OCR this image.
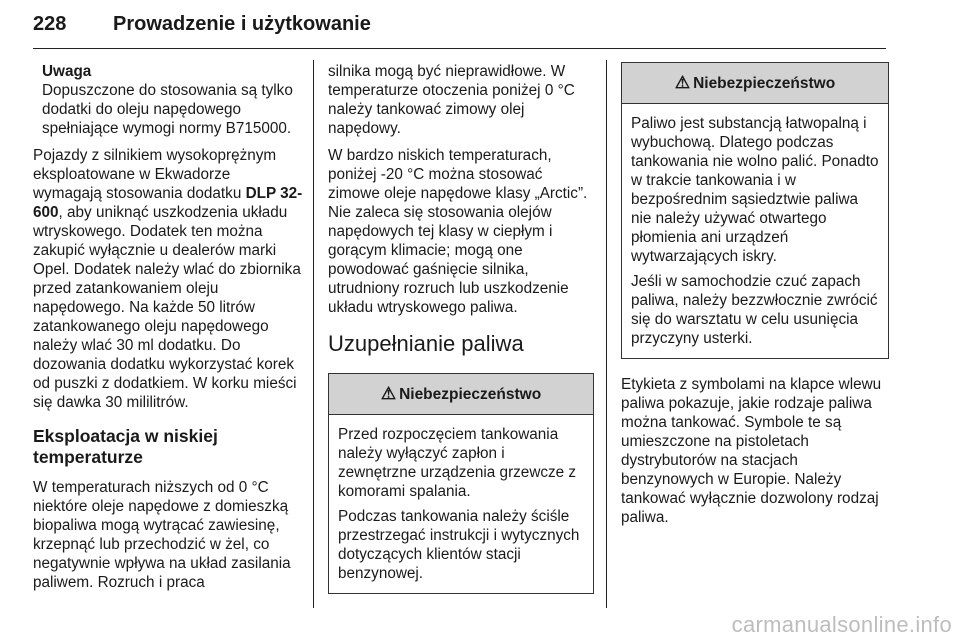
228 Prowadzenie i użytkowanie
Uwaga
Dopuszczone do stosowania są tylko dodatki do oleju napędowego spełniające wymogi normy B715000.

Pojazdy z silnikiem wysokoprężnym eksploatowane w Ekwadorze wymagają stosowania dodatku DLP 32-600, aby uniknąć uszkodzenia układu wtryskowego. Dodatek ten można zakupić wyłącznie u dealerów marki Opel. Dodatek należy wlać do zbiornika przed zatankowaniem oleju napędowego. Na każde 50 litrów zatankowanego oleju napędowego należy wlać 30 ml dodatku. Do dozowania dodatku wykorzystać korek od puszki z dodatkiem. W korku mieści się dawka 30 mililitrów.

Eksploatacja w niskiej temperaturze

W temperaturach niższych od 0 °C niektóre oleje napędowe z domieszką biopaliwa mogą wytrącać zawiesinę, krzepnąć lub przechodzić w żel, co negatywnie wpływa na układ zasilania paliwem. Rozruch i praca

silnika mogą być nieprawidłowe. W temperaturze otoczenia poniżej 0 °C należy tankować zimowy olej napędowy.

W bardzo niskich temperaturach, poniżej -20 °C można stosować zimowe oleje napędowe klasy „Arctic”. Nie zaleca się stosowania olejów napędowych tej klasy w ciepłym i gorącym klimacie; mogą one powodować gaśnięcie silnika, utrudniony rozruch lub uszkodzenie układu wtryskowego paliwa.

Uzupełnianie paliwa
⚠ Niebezpieczeństwo

Przed rozpoczęciem tankowania należy wyłączyć zapłon i zewnętrzne urządzenia grzewcze z komorami spalania.

Podczas tankowania należy ściśle przestrzegać instrukcji i wytycznych dotyczących klientów stacji benzynowej.

⚠ Niebezpieczeństwo

Paliwo jest substancją łatwopalną i wybuchową. Dlatego podczas tankowania nie wolno palić. Ponadto w trakcie tankowania i w bezpośrednim sąsiedztwie paliwa nie należy używać otwartego płomienia ani urządzeń wytwarzających iskry.

Jeśli w samochodzie czuć zapach paliwa, należy bezzwłocznie zwrócić się do warsztatu w celu usunięcia przyczyny usterki.

Etykieta z symbolami na klapce wlewu paliwa pokazuje, jakie rodzaje paliwa można tankować. Symbole te są umieszczone na pistoletach dystrybutorów na stacjach benzynowych w Europie. Należy tankować wyłącznie dozwolony rodzaj paliwa.

carmanualsonline.info
